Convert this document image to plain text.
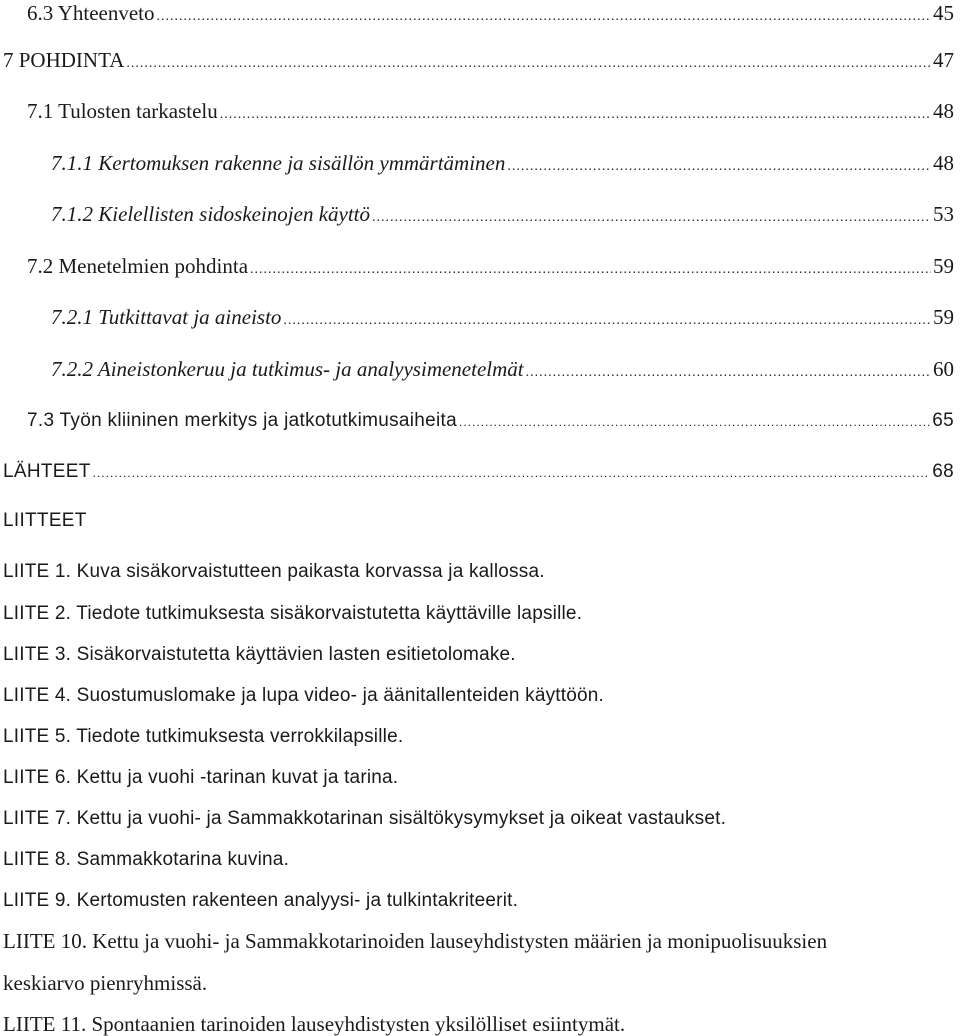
6.3 Yhteenveto .....	45
7 POHDINTA .....	47
7.1 Tulosten tarkastelu .....	48
7.1.1 Kertomuksen rakenne ja sisällön ymmärtäminen .....	48
7.1.2 Kielellisten sidoskeinojen käyttö .....	53
7.2 Menetelmien pohdinta .....	59
7.2.1 Tutkittavat ja aineisto .....	59
7.2.2 Aineistonkeruu ja tutkimus- ja analyysimenetelmät .....	60
7.3 Työn kliininen merkitys ja jatkotutkimusaiheita .....	65
LÄHTEET .....	68
LIITTEET
LIITE 1. Kuva sisäkorvaistutteen paikasta korvassa ja kallossa.
LIITE 2. Tiedote tutkimuksesta sisäkorvaistutetta käyttäville lapsille.
LIITE 3. Sisäkorvaistutetta käyttävien lasten esitietolomake.
LIITE 4. Suostumuslomake ja lupa video- ja äänitallenteiden käyttöön.
LIITE 5. Tiedote tutkimuksesta verrokkilapsille.
LIITE 6. Kettu ja vuohi -tarinan kuvat ja tarina.
LIITE 7. Kettu ja vuohi- ja Sammakkotarinan sisältökysymykset ja oikeat vastaukset.
LIITE 8. Sammakkotarina kuvina.
LIITE 9. Kertomusten rakenteen analyysi- ja tulkintakriteerit.
LIITE 10. Kettu ja vuohi- ja Sammakkotarinoiden lauseyhdistysten määrien ja monipuolisuuksien
keskiarvo pienryhmissä.
LIITE 11. Spontaanien tarinoiden lauseyhdistysten yksilölliset esiintymät.
